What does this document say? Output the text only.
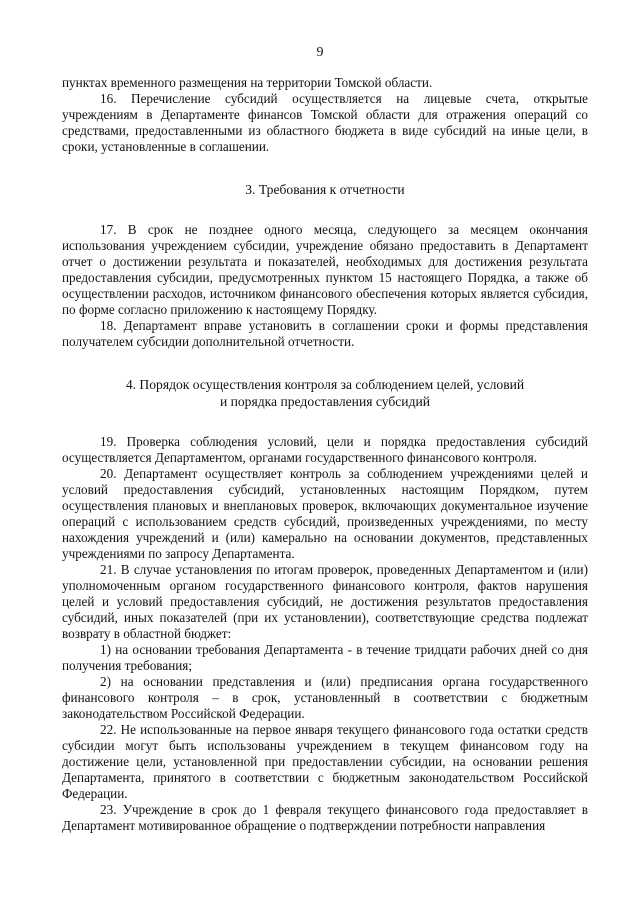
9

пунктах временного размещения на территории Томской области.

16. Перечисление субсидий осуществляется на лицевые счета, открытые учреждениям в Департаменте финансов Томской области для отражения операций со средствами, предоставленными из областного бюджета в виде субсидий на иные цели, в сроки, установленные в соглашении.

3. Требования к отчетности

17. В срок не позднее одного месяца, следующего за месяцем окончания использования учреждением субсидии, учреждение обязано предоставить в Департамент отчет о достижении результата и показателей, необходимых для достижения результата предоставления субсидии, предусмотренных пунктом 15 настоящего Порядка, а также об осуществлении расходов, источником финансового обеспечения которых является субсидия, по форме согласно приложению к настоящему Порядку.

18. Департамент вправе установить в соглашении сроки и формы представления получателем субсидии дополнительной отчетности.

4. Порядок осуществления контроля за соблюдением целей, условий
и порядка предоставления субсидий

19. Проверка соблюдения условий, цели и порядка предоставления субсидий осуществляется Департаментом, органами государственного финансового контроля.

20. Департамент осуществляет контроль за соблюдением учреждениями целей и условий предоставления субсидий, установленных настоящим Порядком, путем осуществления плановых и внеплановых проверок, включающих документальное изучение операций с использованием средств субсидий, произведенных учреждениями, по месту нахождения учреждений и (или) камерально на основании документов, представленных учреждениями по запросу Департамента.

21. В случае установления по итогам проверок, проведенных Департаментом и (или) уполномоченным органом государственного финансового контроля, фактов нарушения целей и условий предоставления субсидий, не достижения результатов предоставления субсидий, иных показателей (при их установлении), соответствующие средства подлежат возврату в областной бюджет:

1) на основании требования Департамента - в течение тридцати рабочих дней со дня получения требования;

2) на основании представления и (или) предписания органа государственного финансового контроля – в срок, установленный в соответствии с бюджетным законодательством Российской Федерации.

22. Не использованные на первое января текущего финансового года остатки средств субсидии могут быть использованы учреждением в текущем финансовом году на достижение цели, установленной при предоставлении субсидии, на основании решения Департамента, принятого в соответствии с бюджетным законодательством Российской Федерации.

23. Учреждение в срок до 1 февраля текущего финансового года предоставляет в Департамент мотивированное обращение о подтверждении потребности направления
